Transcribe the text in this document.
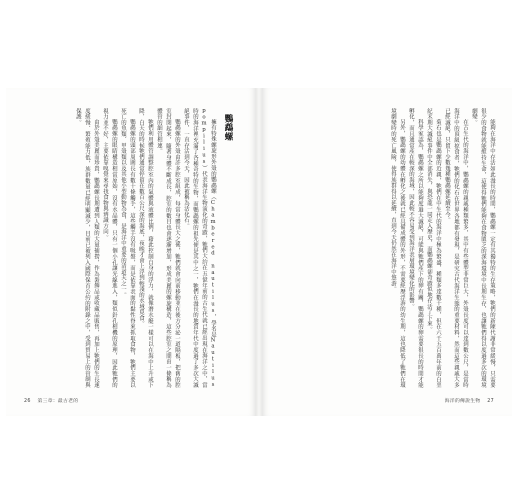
鸚鵡螺

擁有特殊螺旋形外殼的鸚鵡螺（Chambered nautilus，學名是Nautilus pompilius）代表海洋生物演化的奇蹟，牠們大約在五億年前的古生代就已經出現在海洋之中，當時的海洋裡充滿了各種奇特的生物，而鸚鵡螺的祖先便是其中之一，牠們在漫長的地質年代中度過了多次大滅絕事件，一直存活到今天，因此被稱為活化石。

鸚鵡螺的外殼由許多腔室組成，每當身體長大之後，牠們就會向前移動並在後方分泌一道隔板，把舊的腔室封閉起來，隨著身體不斷成長，腔室的數目也會逐漸增加，形成美麗的螺旋構造，這些腔室之間由一條稱為體管的細管相連。

牠們利用體管調整腔室內的氣體與液體比例，藉此控制自身的浮力，就像潛水艇一樣可以在海中上升或下降，白天的時候牠們通常停留在數百公尺深的海底，夜晚才會上浮到較淺的水域覓食。

鸚鵡螺的頭部周圍長有數十條觸手，這些觸手沒有吸盤，而是依靠表面的黏性脊來抓取食物，牠們主要以死亡的魚類、甲殼類以及其他小型動物為食，是海洋中重要的清道夫之一。

鸚鵡螺的眼睛構造相當原始，沒有水晶體，只有一個小孔讓光線進入，類似針孔相機的原理，因此牠們的視力並不好，主要依靠嗅覺來尋找食物與辨識方向。

由於外殼美麗而珍貴，鸚鵡螺長期遭到人類的大量捕撈，作為裝飾品或收藏品販售，再加上牠們的生長速度緩慢、繁殖能力低，族群數量已經明顯減少，目前已被列入國際保育公約的附錄之中，受到貿易上的管制與保護。

26 第三章：最古老的

能夠在海洋中存活如此漫長的時間，鸚鵡螺一定有其獨特的生存策略，牠們的新陳代謝非常緩慢，只需要很少的食物就能維持生命，這使得牠們能夠在食物匱乏的深海環境中長期生存，也讓牠們得以度過多次的環境劇變。

在古生代的海洋中，鸚鵡螺的親戚種類繁多，其中有些體型非常巨大，外殼長度可以達到數公尺，是當時海洋中的頂級掠食者，牠們的化石在世界各地都有發現，是研究古代海洋生態的重要材料，然而這些親戚大多已經滅絕，只留下少數幾種鸚鵡螺延續至今。

菊石也是鸚鵡螺的近親，牠們在中生代的海洋中極為繁盛，種類多達數千種，但在六千五百萬年前的白堊紀末期大滅絕事件中全部消失，與恐龍一同走入歷史，而鸚鵡螺卻奇蹟似地存活了下來。

科學家認為，鸚鵡螺之所以能夠度過大滅絕，可能與牠們產下的卵有關，鸚鵡螺的卵需要很長的時間才能孵化，而且通常產在較深的海域，因此較不容易受到海洋表層環境變化的影響。

另外，鸚鵡螺的幼體在孵化之後就已經具備成體的外形，不需要經歷浮游的幼生期，這也降低了牠們在環境劇變時的死亡風險，使得族群得以延續，直到今天仍然在海洋中悠游。

海洋的傳說生物 27
